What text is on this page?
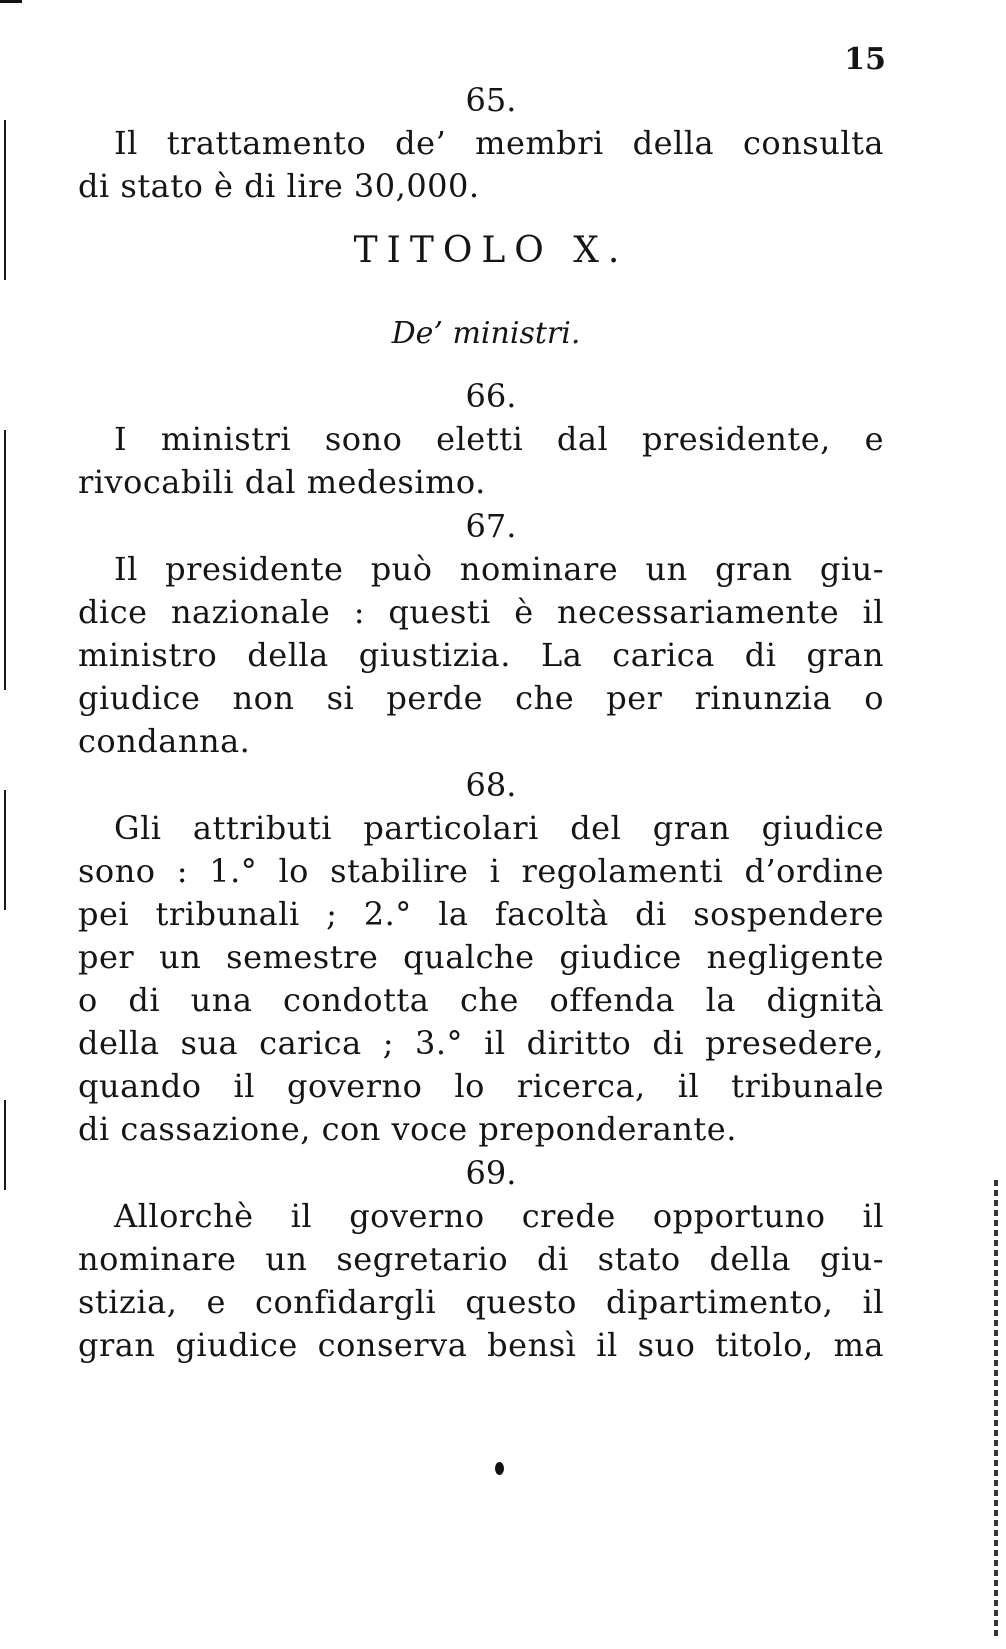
15
65.
Il trattamento de’ membri della consulta
di stato è di lire 30,000.
TITOLO X.
De’ ministri.
66.
I ministri sono eletti dal presidente, e
rivocabili dal medesimo.
67.
Il presidente può nominare un gran giu-
dice nazionale : questi è necessariamente il
ministro della giustizia. La carica di gran
giudice non si perde che per rinunzia o
condanna.
68.
Gli attributi particolari del gran giudice
sono : 1.° lo stabilire i regolamenti d’ordine
pei tribunali ; 2.° la facoltà di sospendere
per un semestre qualche giudice negligente
o di una condotta che offenda la dignità
della sua carica ; 3.° il diritto di presedere,
quando il governo lo ricerca, il tribunale
di cassazione, con voce preponderante.
69.
Allorchè il governo crede opportuno il
nominare un segretario di stato della giu-
stizia, e confidargli questo dipartimento, il
gran giudice conserva bensì il suo titolo, ma
